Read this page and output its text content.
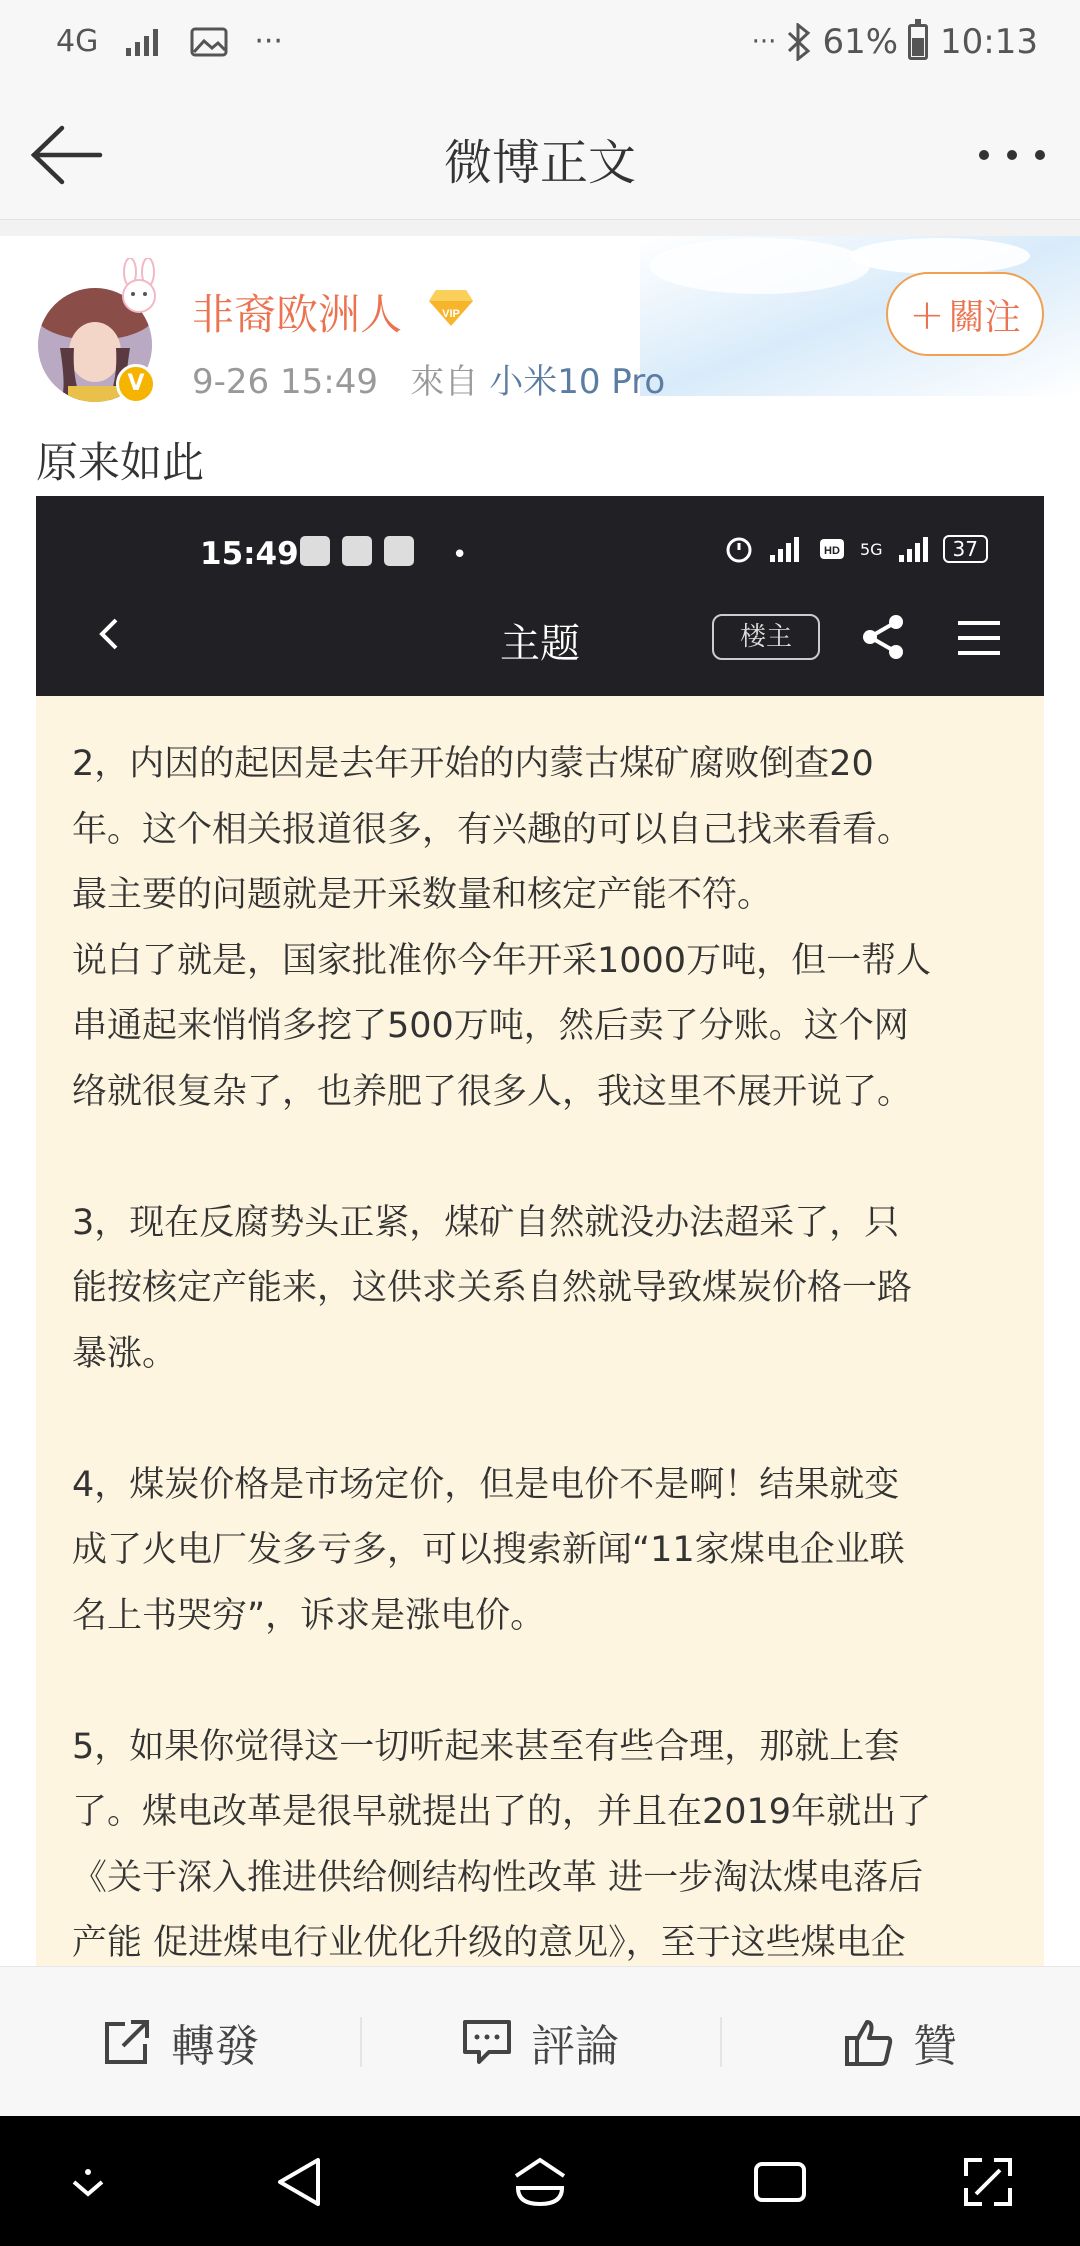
4G	···	··· 61% 10:13
微博正文
V
非裔欧洲人	VIP
9-26 15:49 來自 小米10 Pro
+ 關注
原来如此
15:49	•	HD 5G	37
主题	楼主

2，内因的起因是去年开始的内蒙古煤矿腐败倒查20

年。这个相关报道很多，有兴趣的可以自己找来看看。

最主要的问题就是开采数量和核定产能不符。

说白了就是，国家批准你今年开采1000万吨，但一帮人

串通起来悄悄多挖了500万吨，然后卖了分账。这个网

络就很复杂了，也养肥了很多人，我这里不展开说了。

3，现在反腐势头正紧，煤矿自然就没办法超采了，只

能按核定产能来，这供求关系自然就导致煤炭价格一路

暴涨。

4，煤炭价格是市场定价，但是电价不是啊！结果就变

成了火电厂发多亏多，可以搜索新闻“11家煤电企业联

名上书哭穷”，诉求是涨电价。

5，如果你觉得这一切听起来甚至有些合理，那就上套

了。煤电改革是很早就提出了的，并且在2019年就出了

《关于深入推进供给侧结构性改革 进一步淘汰煤电落后

产能 促进煤电行业优化升级的意见》，至于这些煤电企

轉發	評論	贊
